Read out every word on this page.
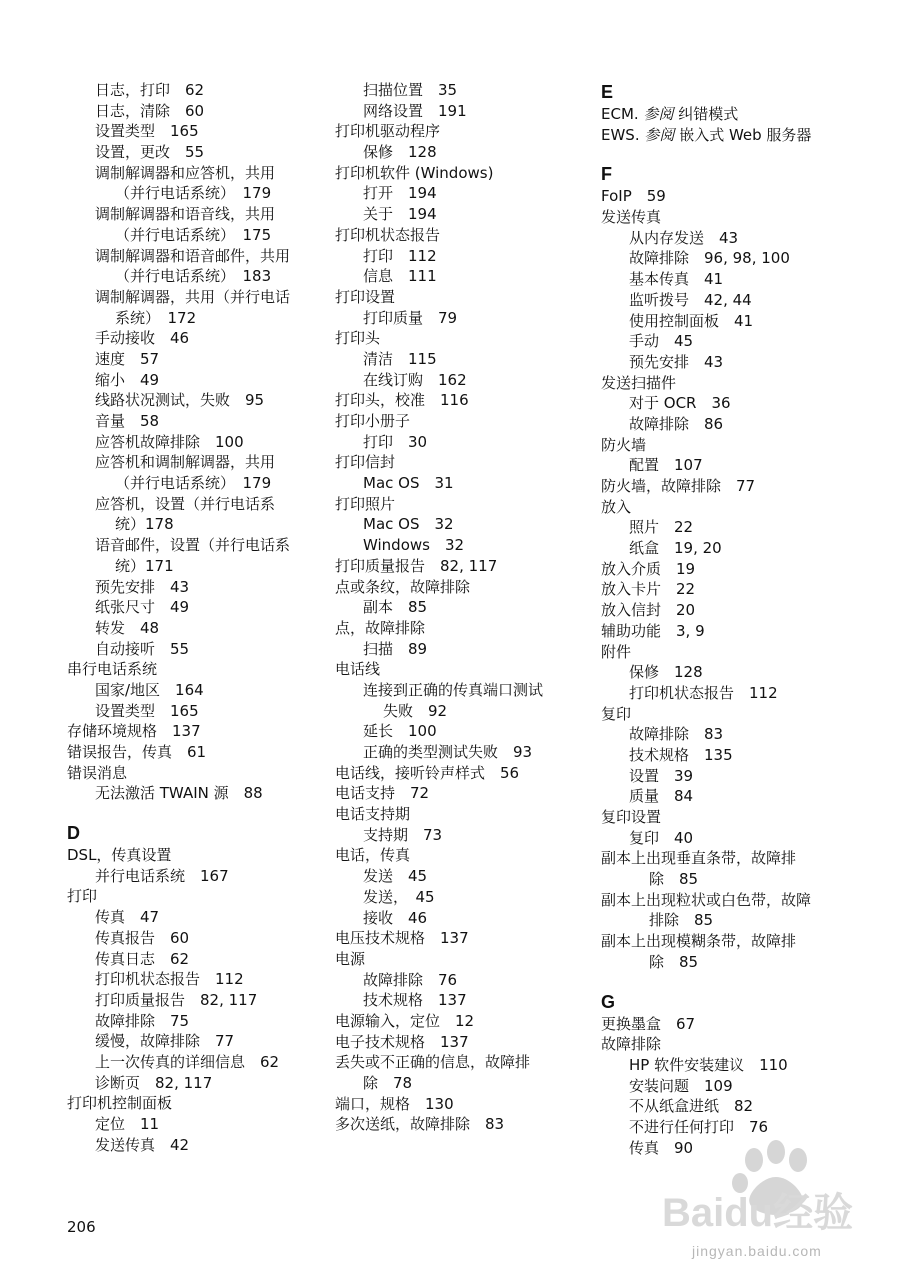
日志，打印　62
日志，清除　60
设置类型　165
设置，更改　55
调制解调器和应答机，共用
（并行电话系统）　179
调制解调器和语音线，共用
（并行电话系统）　175
调制解调器和语音邮件，共用
（并行电话系统）　183
调制解调器，共用（并行电话
系统）　172
手动接收　46
速度　57
缩小　49
线路状况测试，失败　95
音量　58
应答机故障排除　100
应答机和调制解调器，共用
（并行电话系统）　179
应答机，设置（并行电话系
统）178
语音邮件，设置（并行电话系
统）171
预先安排　43
纸张尺寸　49
转发　48
自动接听　55
串行电话系统
国家/地区　164
设置类型　165
存储环境规格　137
错误报告，传真　61
错误消息
无法激活 TWAIN 源　88
D
DSL，传真设置
并行电话系统　167
打印
传真　47
传真报告　60
传真日志　62
打印机状态报告　112
打印质量报告　82, 117
故障排除　75
缓慢，故障排除　77
上一次传真的详细信息　62
诊断页　82, 117
打印机控制面板
定位　11
发送传真　42
扫描位置　35
网络设置　191
打印机驱动程序
保修　128
打印机软件 (Windows)
打开　194
关于　194
打印机状态报告
打印　112
信息　111
打印设置
打印质量　79
打印头
清洁　115
在线订购　162
打印头，校准　116
打印小册子
打印　30
打印信封
Mac OS　31
打印照片
Mac OS　32
Windows　32
打印质量报告　82, 117
点或条纹，故障排除
副本　85
点，故障排除
扫描　89
电话线
连接到正确的传真端口测试
失败　92
延长　100
正确的类型测试失败　93
电话线，接听铃声样式　56
电话支持　72
电话支持期
支持期　73
电话，传真
发送　45
发送，　45
接收　46
电压技术规格　137
电源
故障排除　76
技术规格　137
电源输入，定位　12
电子技术规格　137
丢失或不正确的信息，故障排
除　78
端口，规格　130
多次送纸，故障排除　83
E
ECM. 参阅 纠错模式
EWS. 参阅 嵌入式 Web 服务器
F
FoIP　59
发送传真
从内存发送　43
故障排除　96, 98, 100
基本传真　41
监听拨号　42, 44
使用控制面板　41
手动　45
预先安排　43
发送扫描件
对于 OCR　36
故障排除　86
防火墙
配置　107
防火墙，故障排除　77
放入
照片　22
纸盒　19, 20
放入介质　19
放入卡片　22
放入信封　20
辅助功能　3, 9
附件
保修　128
打印机状态报告　112
复印
故障排除　83
技术规格　135
设置　39
质量　84
复印设置
复印　40
副本上出现垂直条带，故障排
除　85
副本上出现粒状或白色带，故障
排除　85
副本上出现模糊条带，故障排
除　85
G
更换墨盒　67
故障排除
HP 软件安装建议　110
安装问题　109
不从纸盒进纸　82
不进行任何打印　76
传真　90
206	Baidu经验
jingyan.baidu.com
